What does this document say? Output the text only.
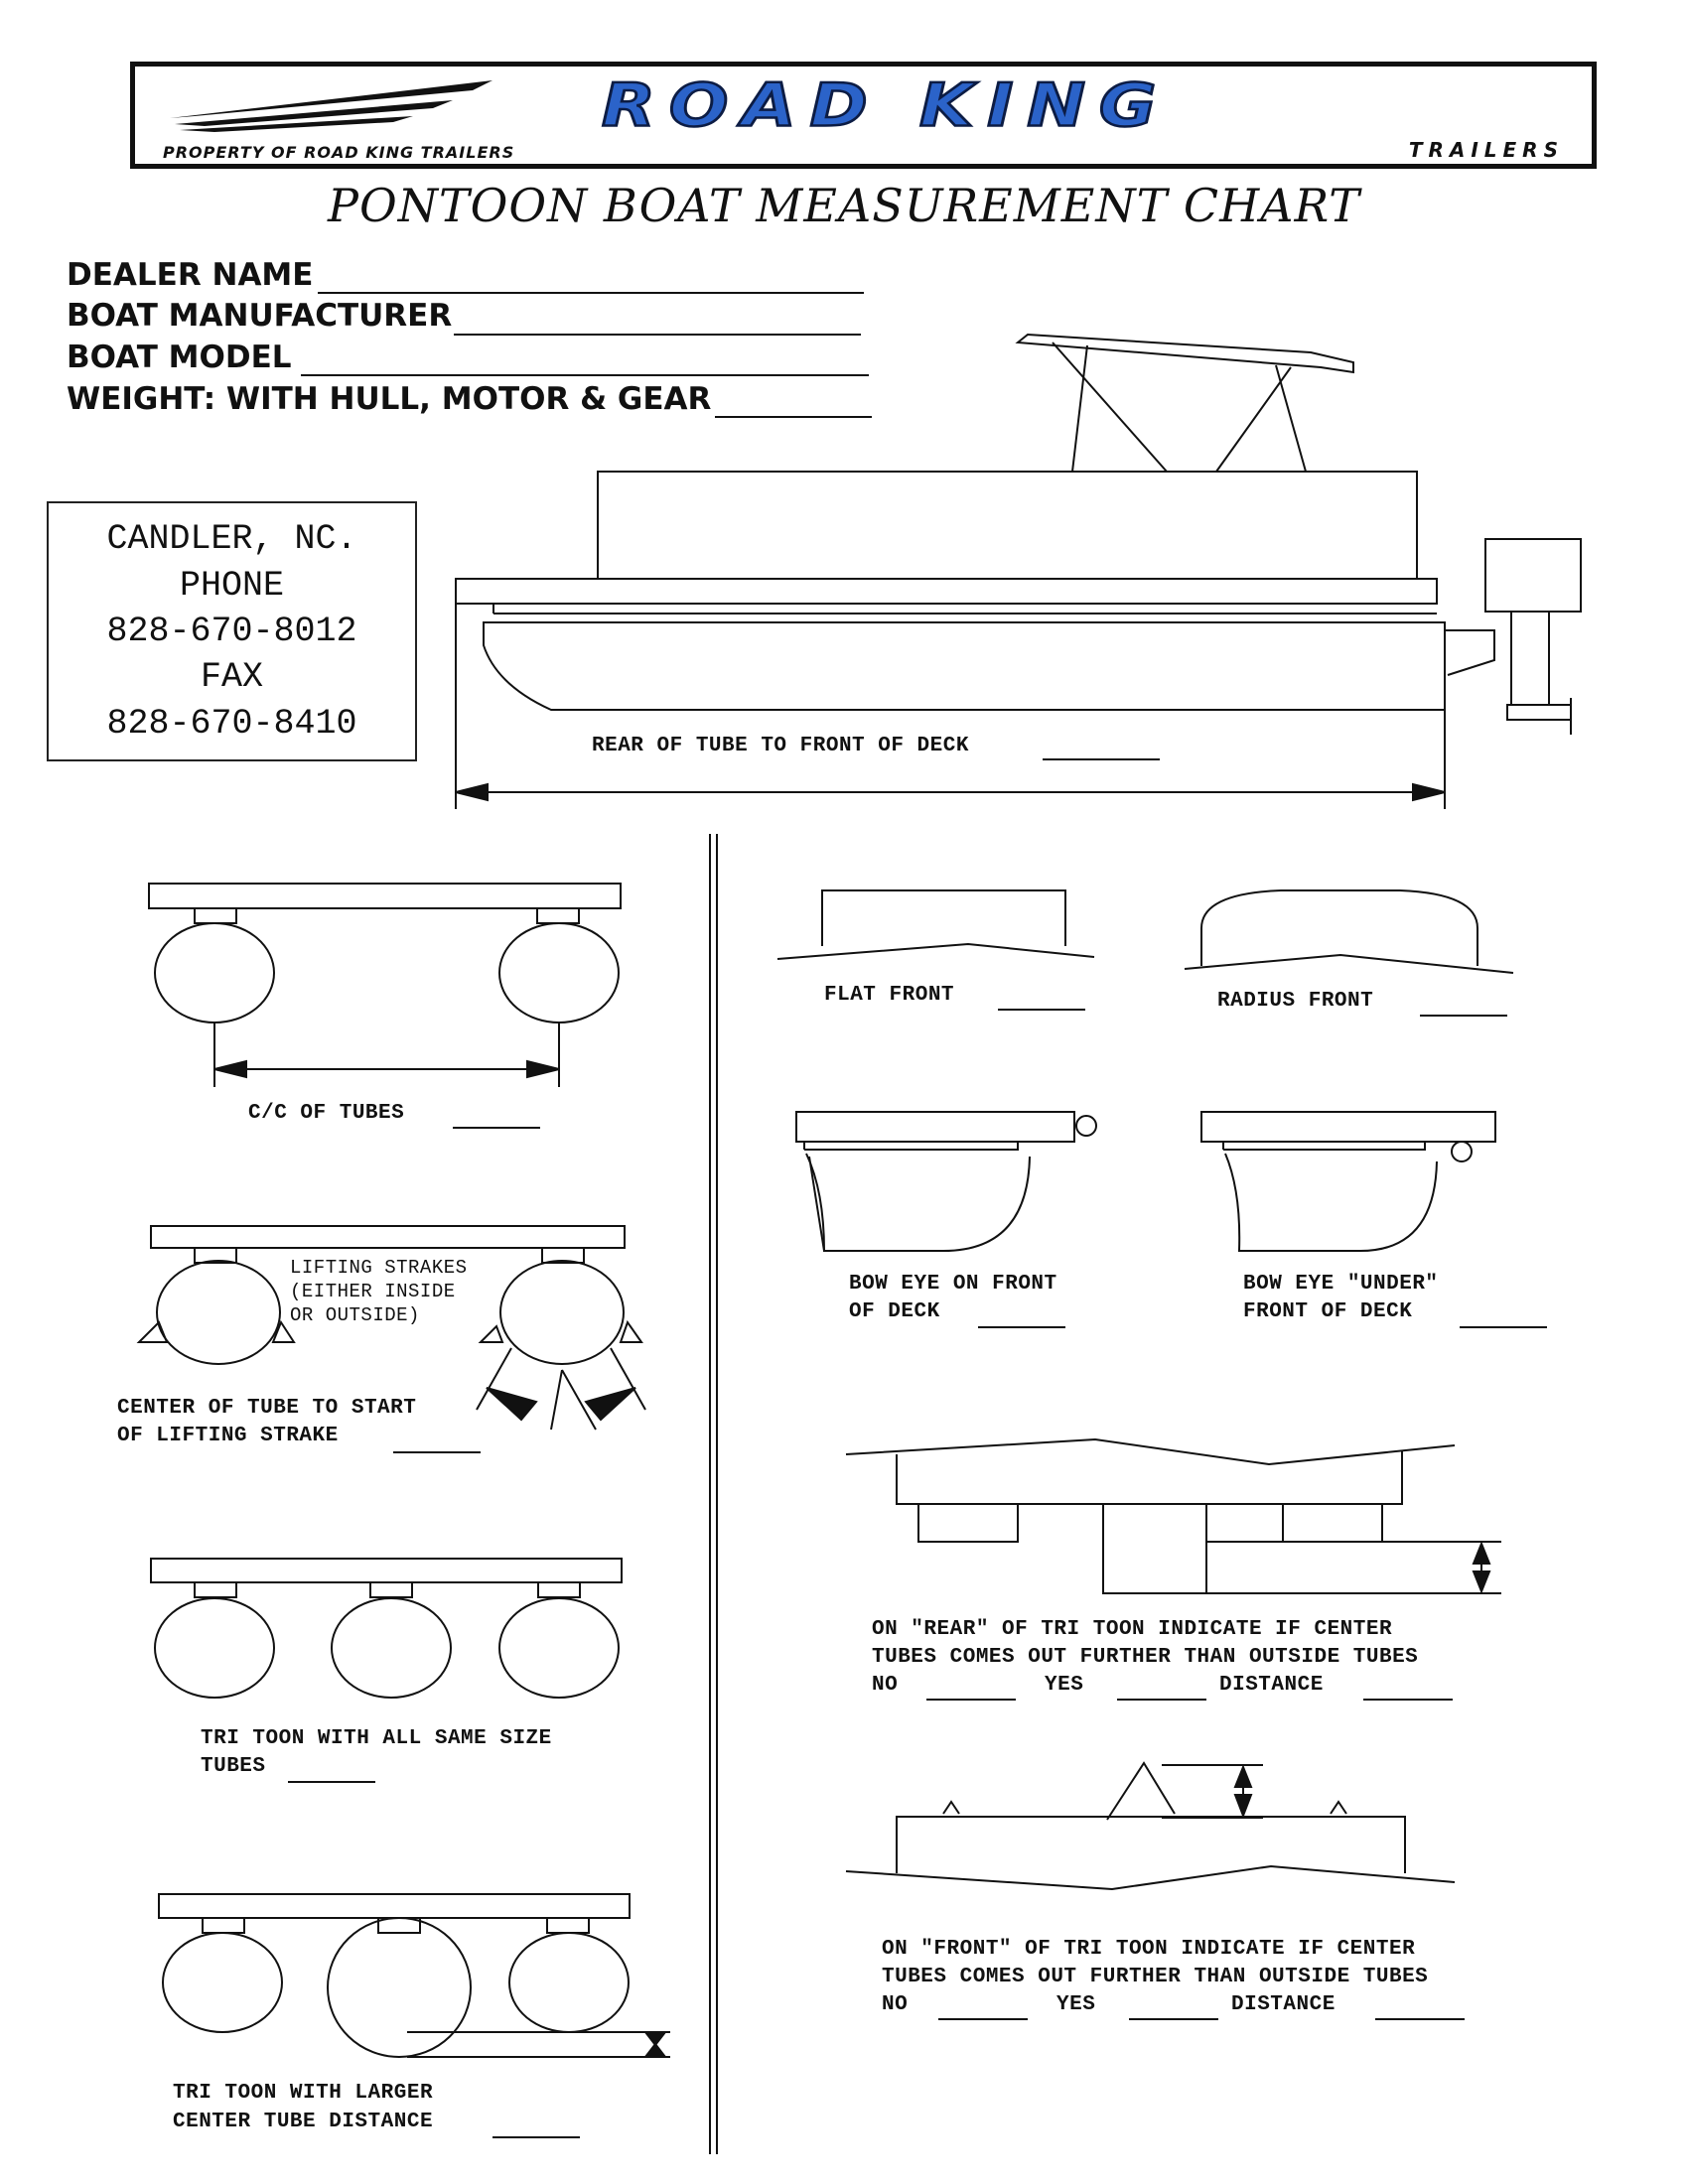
ROAD KING
PROPERTY OF ROAD KING TRAILERS	TRAILERS
PONTOON BOAT MEASUREMENT CHART
DEALER NAME
BOAT MANUFACTURER
BOAT MODEL
WEIGHT: WITH HULL, MOTOR & GEAR
CANDLER, NC.
PHONE
828-670-8012
FAX
828-670-8410
REAR OF TUBE TO FRONT OF DECK
C/C OF TUBES
LIFTING STRAKES
(EITHER INSIDE
OR OUTSIDE)
CENTER OF TUBE TO START
OF LIFTING STRAKE
TRI TOON WITH ALL SAME SIZE
TUBES
TRI TOON WITH LARGER
CENTER TUBE DISTANCE
FLAT FRONT	RADIUS FRONT
BOW EYE ON FRONT
OF DECK
BOW EYE "UNDER"
FRONT OF DECK
ON "REAR" OF TRI TOON INDICATE IF CENTER
TUBES COMES OUT FURTHER THAN OUTSIDE TUBES
NO	YES	DISTANCE
ON "FRONT" OF TRI TOON INDICATE IF CENTER
TUBES COMES OUT FURTHER THAN OUTSIDE TUBES
NO	YES	DISTANCE
